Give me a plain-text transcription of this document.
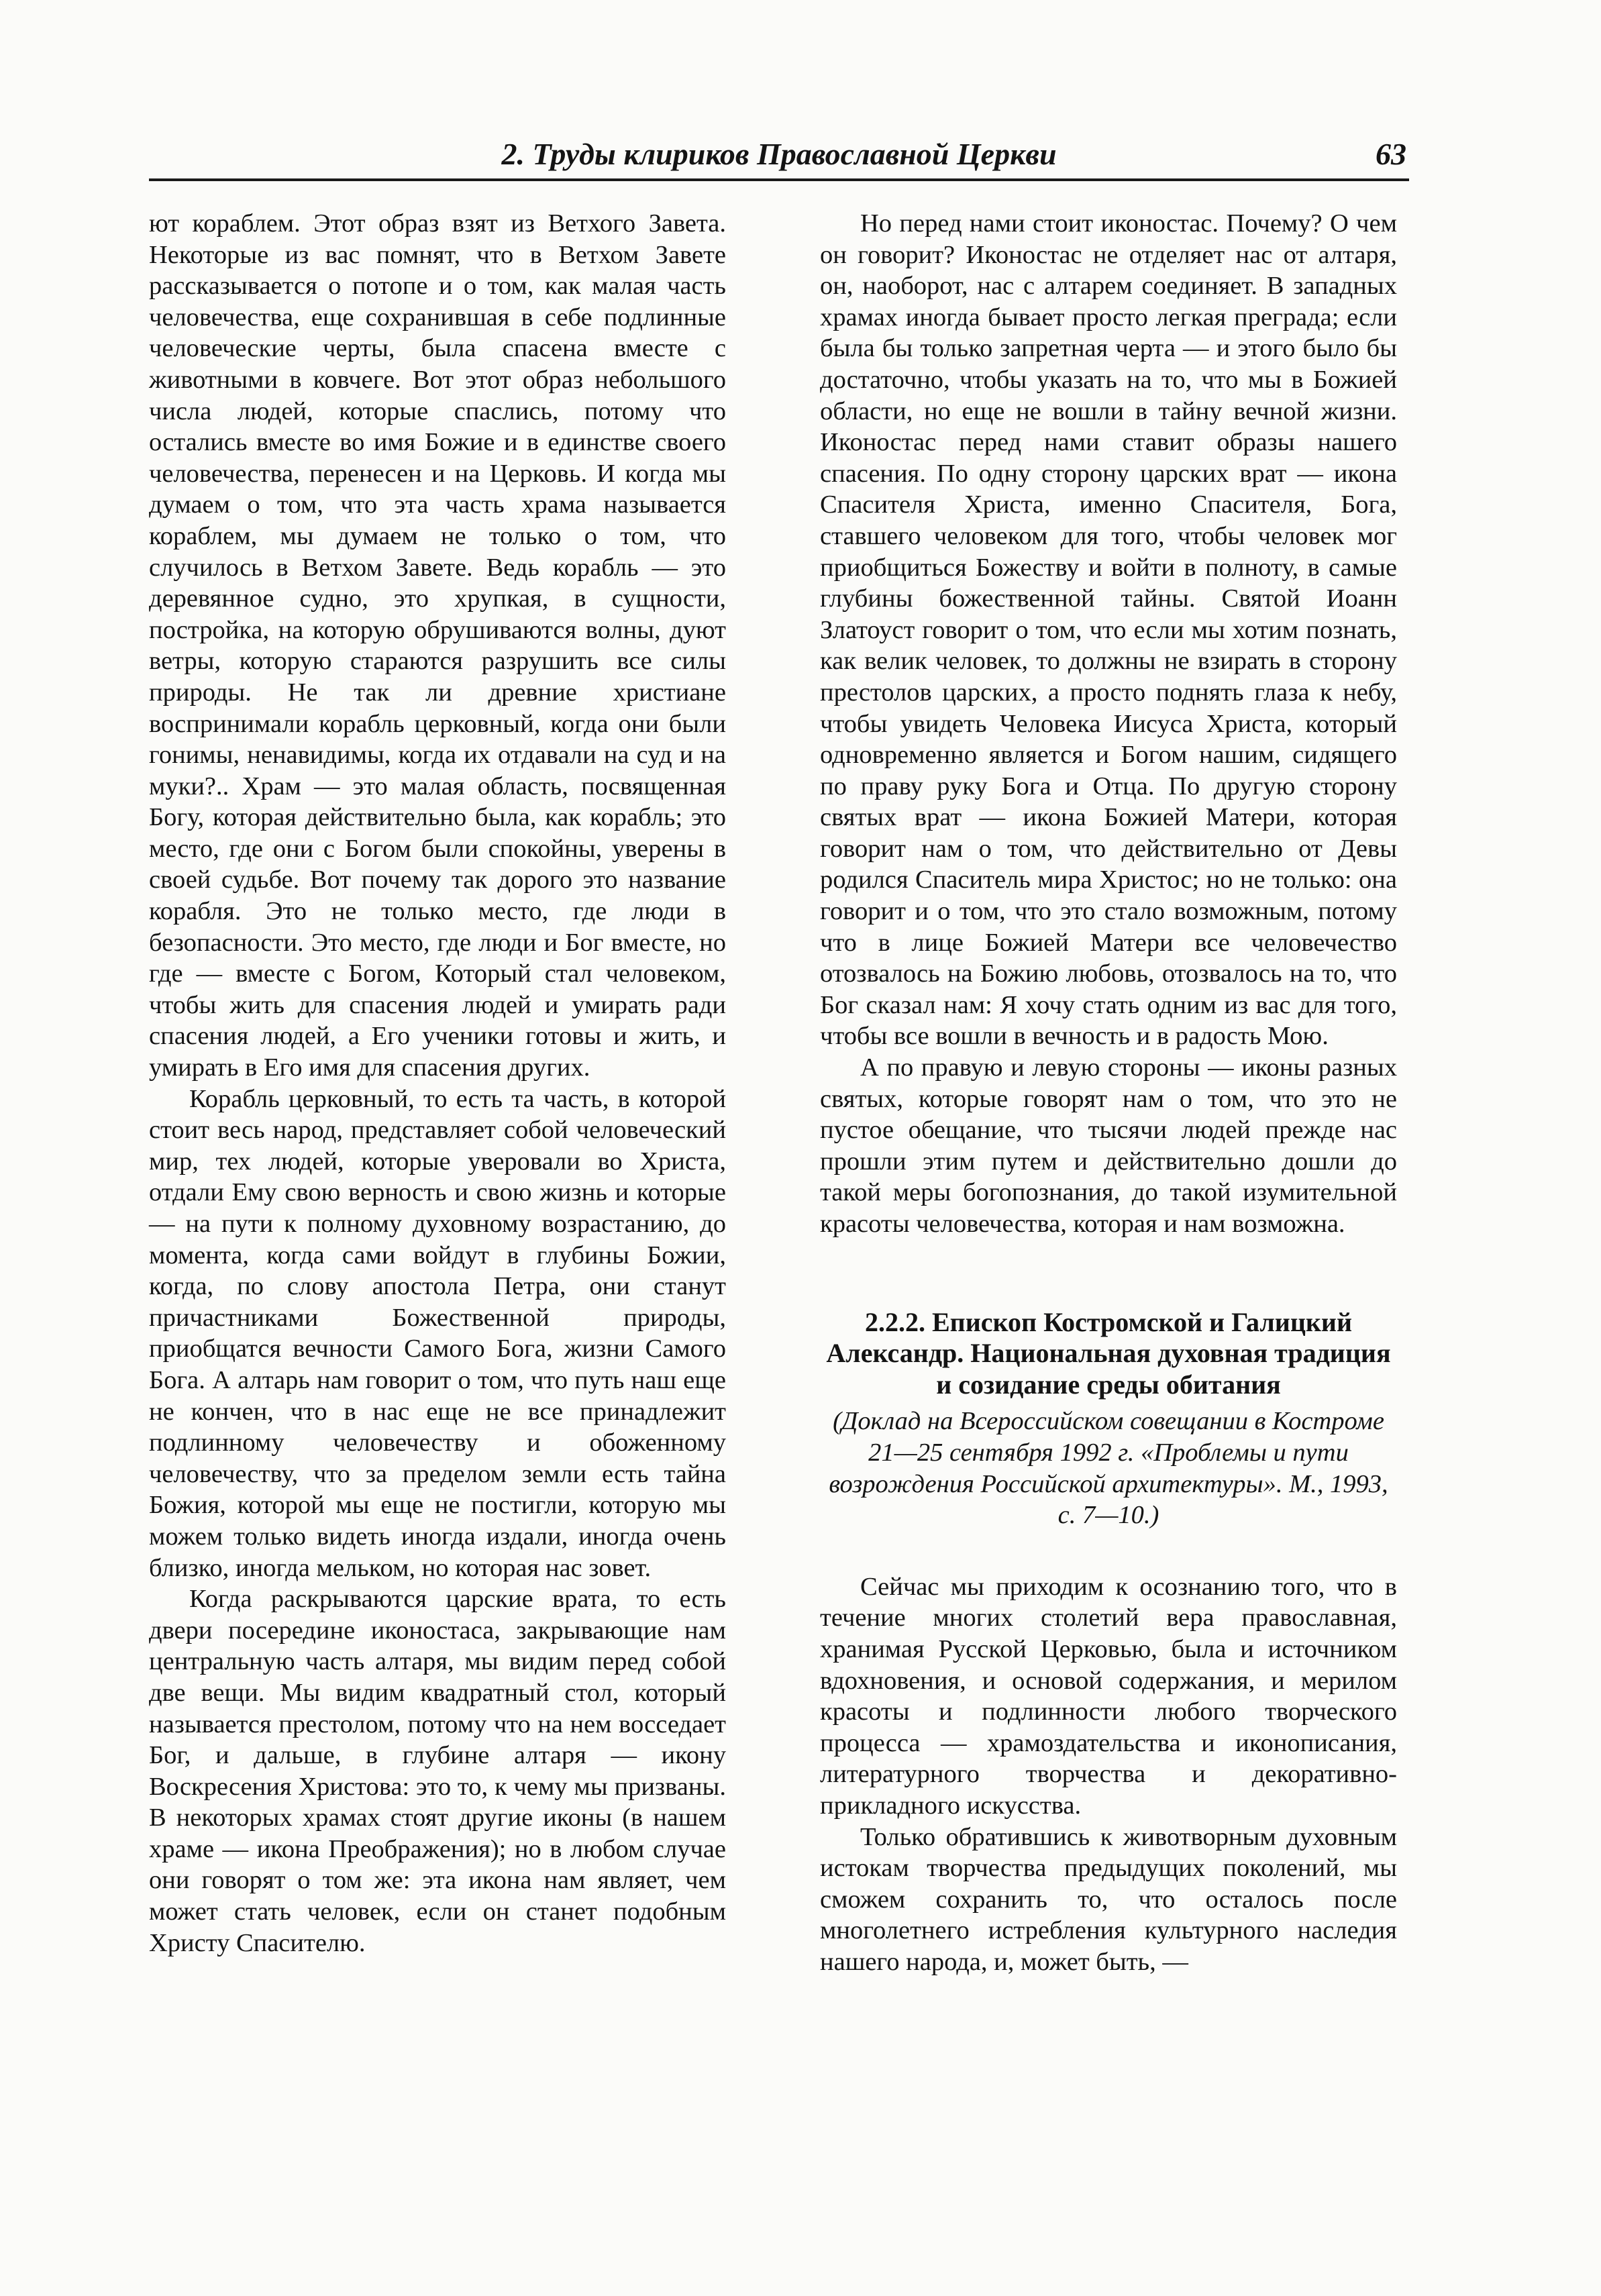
2. Труды клириков Православной Церкви	63

ют кораблем. Этот образ взят из Ветхого Завета. Некоторые из вас помнят, что в Ветхом Завете рассказывается о потопе и о том, как малая часть человечества, еще сохранившая в себе подлинные человеческие черты, была спасена вместе с животными в ковчеге. Вот этот образ небольшого числа людей, которые спаслись, потому что остались вместе во имя Божие и в единстве своего человечества, перенесен и на Церковь. И когда мы думаем о том, что эта часть храма называется кораблем, мы думаем не только о том, что случилось в Ветхом Завете. Ведь корабль — это деревянное судно, это хрупкая, в сущности, постройка, на которую обрушиваются волны, дуют ветры, которую стараются разрушить все силы природы. Не так ли древние христиане воспринимали корабль церковный, когда они были гонимы, ненавидимы, когда их отдавали на суд и на муки?.. Храм — это малая область, посвященная Богу, которая действительно была, как корабль; это место, где они с Богом были спокойны, уверены в своей судьбе. Вот почему так дорого это название корабля. Это не только место, где люди в безопасности. Это место, где люди и Бог вместе, но где — вместе с Богом, Который стал человеком, чтобы жить для спасения людей и умирать ради спасения людей, а Его ученики готовы и жить, и умирать в Его имя для спасения других.

Корабль церковный, то есть та часть, в которой стоит весь народ, представляет собой человеческий мир, тех людей, которые уверовали во Христа, отдали Ему свою верность и свою жизнь и которые — на пути к полному духовному возрастанию, до момента, когда сами войдут в глубины Божии, когда, по слову апостола Петра, они станут причастниками Божественной природы, приобщатся вечности Самого Бога, жизни Самого Бога. А алтарь нам говорит о том, что путь наш еще не кончен, что в нас еще не все принадлежит подлинному человечеству и обоженному человечеству, что за пределом земли есть тайна Божия, которой мы еще не постигли, которую мы можем только видеть иногда издали, иногда очень близко, иногда мельком, но которая нас зовет.

Когда раскрываются царские врата, то есть двери посередине иконостаса, закрывающие нам центральную часть алтаря, мы видим перед собой две вещи. Мы видим квадратный стол, который называется престолом, потому что на нем восседает Бог, и дальше, в глубине алтаря — икону Воскресения Христова: это то, к чему мы призваны. В некоторых храмах стоят другие иконы (в нашем храме — икона Преображения); но в любом случае они говорят о том же: эта икона нам являет, чем может стать человек, если он станет подобным Христу Спасителю.

Но перед нами стоит иконостас. Почему? О чем он говорит? Иконостас не отделяет нас от алтаря, он, наоборот, нас с алтарем соединяет. В западных храмах иногда бывает просто легкая преграда; если была бы только запретная черта — и этого было бы достаточно, чтобы указать на то, что мы в Божией области, но еще не вошли в тайну вечной жизни. Иконостас перед нами ставит образы нашего спасения. По одну сторону царских врат — икона Спасителя Христа, именно Спасителя, Бога, ставшего человеком для того, чтобы человек мог приобщиться Божеству и войти в полноту, в самые глубины божественной тайны. Святой Иоанн Златоуст говорит о том, что если мы хотим познать, как велик человек, то должны не взирать в сторону престолов царских, а просто поднять глаза к небу, чтобы увидеть Человека Иисуса Христа, который одновременно является и Богом нашим, сидящего по праву руку Бога и Отца. По другую сторону святых врат — икона Божией Матери, которая говорит нам о том, что действительно от Девы родился Спаситель мира Христос; но не только: она говорит и о том, что это стало возможным, потому что в лице Божией Матери все человечество отозвалось на Божию любовь, отозвалось на то, что Бог сказал нам: Я хочу стать одним из вас для того, чтобы все вошли в вечность и в радость Мою.

А по правую и левую стороны — иконы разных святых, которые говорят нам о том, что это не пустое обещание, что тысячи людей прежде нас прошли этим путем и действительно дошли до такой меры богопознания, до такой изумительной красоты человечества, которая и нам возможна.

2.2.2. Епископ Костромской и Галицкий Александр. Национальная духовная традиция и созидание среды обитания

(Доклад на Всероссийском совещании в Костроме 21—25 сентября 1992 г. «Проблемы и пути возрождения Российской архитектуры». М., 1993, с. 7—10.)

Сейчас мы приходим к осознанию того, что в течение многих столетий вера православная, хранимая Русской Церковью, была и источником вдохновения, и основой содержания, и мерилом красоты и подлинности любого творческого процесса — храмоздательства и иконописания, литературного творчества и декоративно-прикладного искусства.

Только обратившись к животворным духовным истокам творчества предыдущих поколений, мы сможем сохранить то, что осталось после многолетнего истребления культурного наследия нашего народа, и, может быть, —
